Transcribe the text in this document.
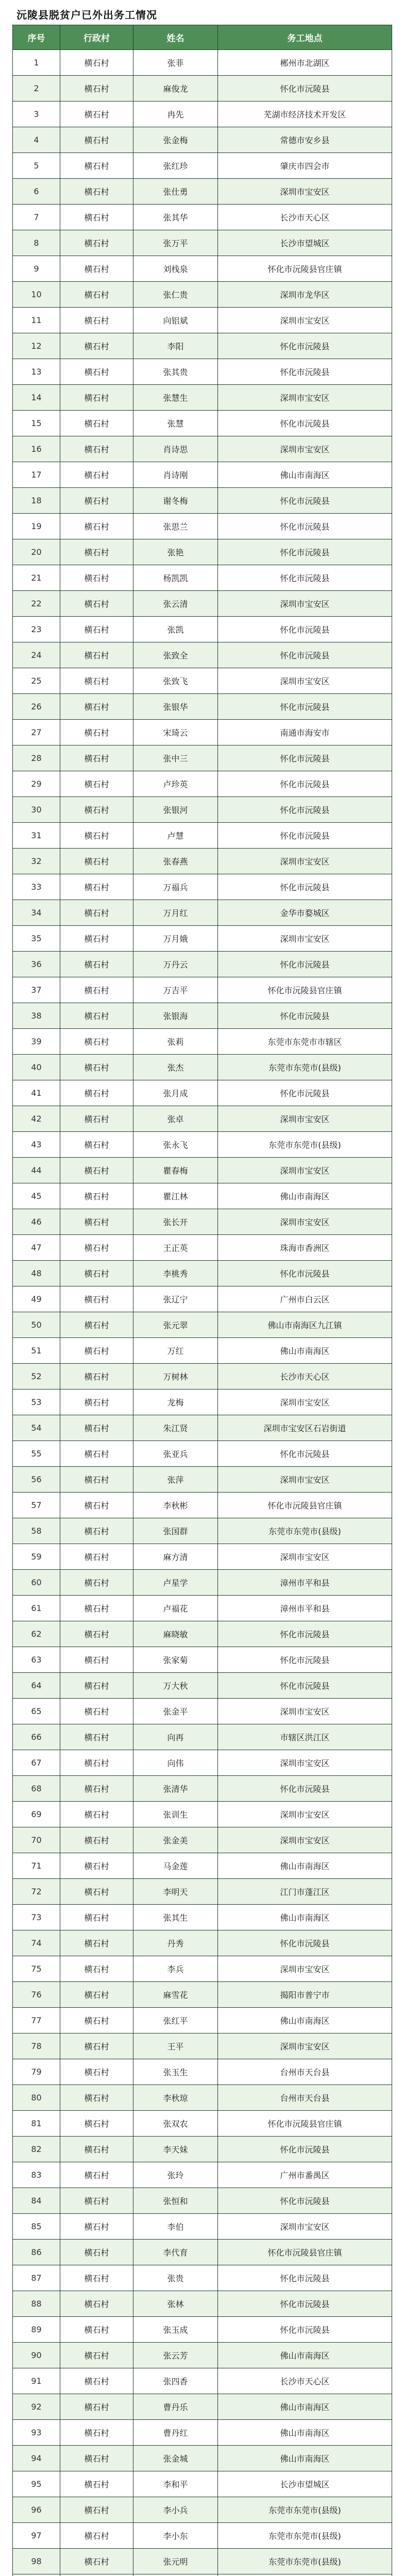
沅陵县脱贫户已外出务工情况
序号	行政村	姓名	务工地点
1	横石村	张菲	郴州市北湖区
2	横石村	麻俊龙	怀化市沅陵县
3	横石村	冉先	芜湖市经济技术开发区
4	横石村	张金梅	常德市安乡县
5	横石村	张红珍	肇庆市四会市
6	横石村	张仕勇	深圳市宝安区
7	横石村	张其华	长沙市天心区
8	横石村	张万平	长沙市望城区
9	横石村	刘栈泉	怀化市沅陵县官庄镇
10	横石村	张仁贵	深圳市龙华区
11	横石村	向铝斌	深圳市宝安区
12	横石村	李阳	怀化市沅陵县
13	横石村	张其贵	怀化市沅陵县
14	横石村	张慧生	深圳市宝安区
15	横石村	张慧	怀化市沅陵县
16	横石村	肖诗思	深圳市宝安区
17	横石村	肖诗刚	佛山市南海区
18	横石村	谢冬梅	怀化市沅陵县
19	横石村	张思兰	怀化市沅陵县
20	横石村	张艳	怀化市沅陵县
21	横石村	杨凯凯	怀化市沅陵县
22	横石村	张云清	深圳市宝安区
23	横石村	张凯	怀化市沅陵县
24	横石村	张致全	怀化市沅陵县
25	横石村	张致飞	深圳市宝安区
26	横石村	张银华	怀化市沅陵县
27	横石村	宋琦云	南通市海安市
28	横石村	张中三	怀化市沅陵县
29	横石村	卢珍英	怀化市沅陵县
30	横石村	张银河	怀化市沅陵县
31	横石村	卢慧	怀化市沅陵县
32	横石村	张春燕	深圳市宝安区
33	横石村	万福兵	怀化市沅陵县
34	横石村	万月红	金华市婺城区
35	横石村	万月娥	深圳市宝安区
36	横石村	万丹云	怀化市沅陵县
37	横石村	万吉平	怀化市沅陵县官庄镇
38	横石村	张银海	怀化市沅陵县
39	横石村	张莉	东莞市东莞市市辖区
40	横石村	张杰	东莞市东莞市(县级)
41	横石村	张月成	怀化市沅陵县
42	横石村	张卓	深圳市宝安区
43	横石村	张永飞	东莞市东莞市(县级)
44	横石村	瞿春梅	深圳市宝安区
45	横石村	瞿江林	佛山市南海区
46	横石村	张长开	深圳市宝安区
47	横石村	王正英	珠海市香洲区
48	横石村	李桃秀	怀化市沅陵县
49	横石村	张辽宁	广州市白云区
50	横石村	张元翠	佛山市南海区九江镇
51	横石村	万红	佛山市南海区
52	横石村	万树林	长沙市天心区
53	横石村	龙梅	深圳市宝安区
54	横石村	朱江贤	深圳市宝安区石岩街道
55	横石村	张亚兵	怀化市沅陵县
56	横石村	张萍	深圳市宝安区
57	横石村	李秋彬	怀化市沅陵县官庄镇
58	横石村	张国群	东莞市东莞市(县级)
59	横石村	麻方清	深圳市宝安区
60	横石村	卢星学	漳州市平和县
61	横石村	卢福花	漳州市平和县
62	横石村	麻晓敏	怀化市沅陵县
63	横石村	张家菊	怀化市沅陵县
64	横石村	万大秋	怀化市沅陵县
65	横石村	张金平	深圳市宝安区
66	横石村	向再	市辖区洪江区
67	横石村	向伟	深圳市宝安区
68	横石村	张清华	怀化市沅陵县
69	横石村	张训生	深圳市宝安区
70	横石村	张金美	深圳市宝安区
71	横石村	马金莲	佛山市南海区
72	横石村	李明天	江门市蓬江区
73	横石村	张其生	佛山市南海区
74	横石村	丹秀	怀化市沅陵县
75	横石村	李兵	深圳市宝安区
76	横石村	麻雪花	揭阳市普宁市
77	横石村	张红平	佛山市南海区
78	横石村	王平	深圳市宝安区
79	横石村	张玉生	台州市天台县
80	横石村	李秋琼	台州市天台县
81	横石村	张双农	怀化市沅陵县官庄镇
82	横石村	李天妹	怀化市沅陵县
83	横石村	张玲	广州市番禺区
84	横石村	张恒和	怀化市沅陵县
85	横石村	李伯	深圳市宝安区
86	横石村	李代育	怀化市沅陵县官庄镇
87	横石村	张贵	怀化市沅陵县
88	横石村	张林	怀化市沅陵县
89	横石村	张玉成	怀化市沅陵县
90	横石村	张云芳	佛山市南海区
91	横石村	张四香	长沙市天心区
92	横石村	曹丹乐	佛山市南海区
93	横石村	曹丹红	佛山市南海区
94	横石村	张金城	佛山市南海区
95	横石村	李和平	长沙市望城区
96	横石村	李小兵	东莞市东莞市(县级)
97	横石村	李小东	东莞市东莞市(县级)
98	横石村	张元明	东莞市东莞市(县级)
